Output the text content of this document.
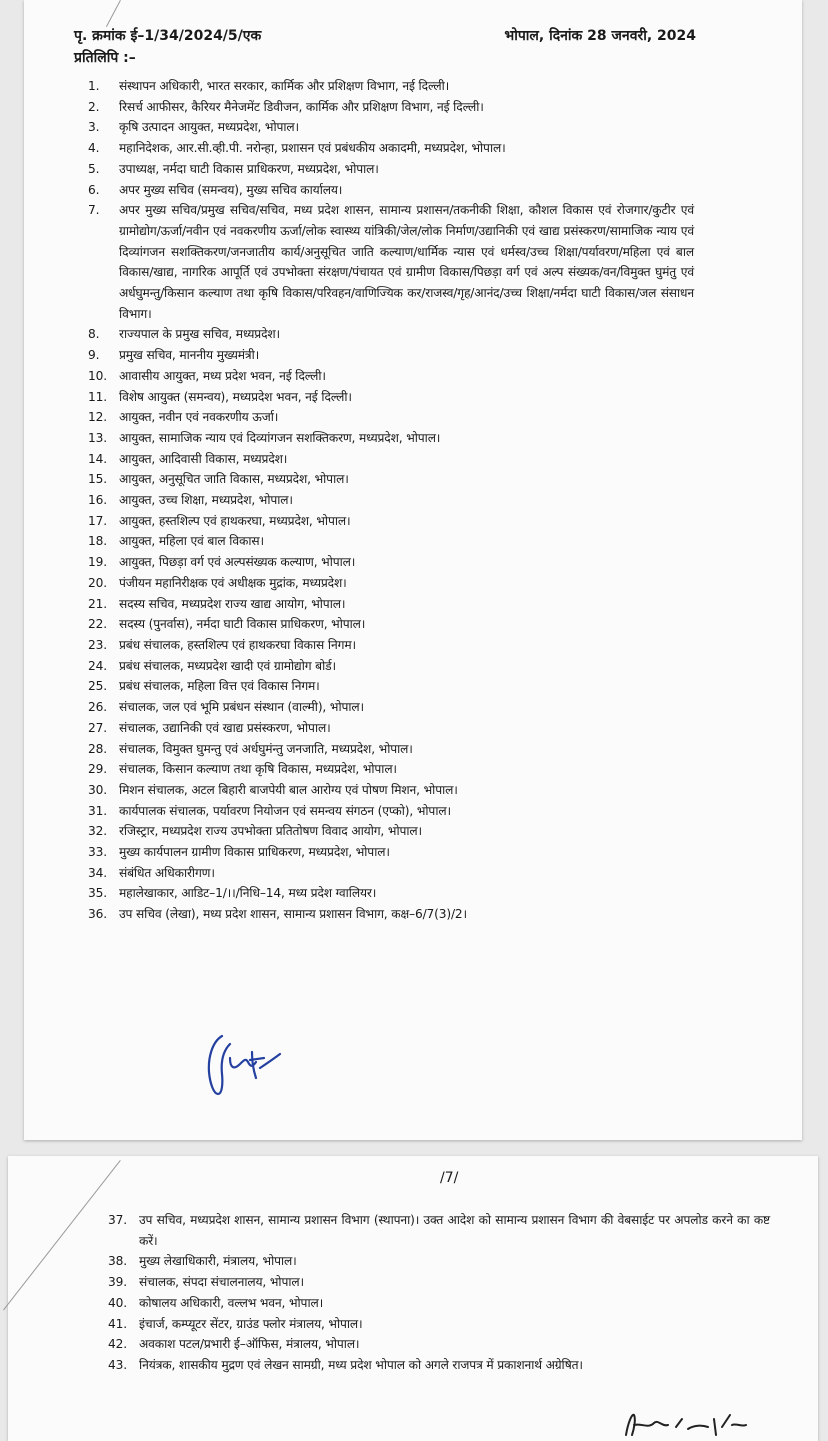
पृ. क्रमांक ई–1/34/2024/5/एक	भोपाल, दिनांक 28 जनवरी, 2024
प्रतिलिपि :–
1.	संस्थापन अधिकारी, भारत सरकार, कार्मिक और प्रशिक्षण विभाग, नई दिल्ली।
2.	रिसर्च आफीसर, कैरियर मैनेजमेंट डिवीजन, कार्मिक और प्रशिक्षण विभाग, नई दिल्ली।
3.	कृषि उत्पादन आयुक्त, मध्यप्रदेश, भोपाल।
4.	महानिदेशक, आर.सी.व्ही.पी. नरोन्हा, प्रशासन एवं प्रबंधकीय अकादमी, मध्यप्रदेश, भोपाल।
5.	उपाध्यक्ष, नर्मदा घाटी विकास प्राधिकरण, मध्यप्रदेश, भोपाल।
6.	अपर मुख्य सचिव (समन्वय), मुख्य सचिव कार्यालय।
7.	अपर मुख्य सचिव/प्रमुख सचिव/सचिव, मध्य प्रदेश शासन, सामान्य प्रशासन/तकनीकी शिक्षा, कौशल विकास एवं रोजगार/कुटीर एवं ग्रामोद्योग/ऊर्जा/नवीन एवं नवकरणीय ऊर्जा/लोक स्वास्थ्य यांत्रिकी/जेल/लोक निर्माण/उद्यानिकी एवं खाद्य प्रसंस्करण/सामाजिक न्याय एवं दिव्यांगजन सशक्तिकरण/जनजातीय कार्य/अनुसूचित जाति कल्याण/धार्मिक न्यास एवं धर्मस्व/उच्च शिक्षा/पर्यावरण/महिला एवं बाल विकास/खाद्य, नागरिक आपूर्ति एवं उपभोक्ता संरक्षण/पंचायत एवं ग्रामीण विकास/पिछड़ा वर्ग एवं अल्प संख्यक/वन/विमुक्त घुमंतु एवं अर्धघुमन्तु/किसान कल्याण तथा कृषि विकास/परिवहन/वाणिज्यिक कर/राजस्व/गृह/आनंद/उच्च शिक्षा/नर्मदा घाटी विकास/जल संसाधन विभाग।
8.	राज्यपाल के प्रमुख सचिव, मध्यप्रदेश।
9.	प्रमुख सचिव, माननीय मुख्यमंत्री।
10. आवासीय आयुक्त, मध्य प्रदेश भवन, नई दिल्ली।
11. विशेष आयुक्त (समन्वय), मध्यप्रदेश भवन, नई दिल्ली।
12. आयुक्त, नवीन एवं नवकरणीय ऊर्जा।
13. आयुक्त, सामाजिक न्याय एवं दिव्यांगजन सशक्तिकरण, मध्यप्रदेश, भोपाल।
14. आयुक्त, आदिवासी विकास, मध्यप्रदेश।
15. आयुक्त, अनुसूचित जाति विकास, मध्यप्रदेश, भोपाल।
16. आयुक्त, उच्च शिक्षा, मध्यप्रदेश, भोपाल।
17. आयुक्त, हस्तशिल्प एवं हाथकरघा, मध्यप्रदेश, भोपाल।
18. आयुक्त, महिला एवं बाल विकास।
19. आयुक्त, पिछड़ा वर्ग एवं अल्पसंख्यक कल्याण, भोपाल।
20. पंजीयन महानिरीक्षक एवं अधीक्षक मुद्रांक, मध्यप्रदेश।
21. सदस्य सचिव, मध्यप्रदेश राज्य खाद्य आयोग, भोपाल।
22. सदस्य (पुनर्वास), नर्मदा घाटी विकास प्राधिकरण, भोपाल।
23. प्रबंध संचालक, हस्तशिल्प एवं हाथकरघा विकास निगम।
24. प्रबंध संचालक, मध्यप्रदेश खादी एवं ग्रामोद्योग बोर्ड।
25. प्रबंध संचालक, महिला वित्त एवं विकास निगम।
26. संचालक, जल एवं भूमि प्रबंधन संस्थान (वाल्मी), भोपाल।
27. संचालक, उद्यानिकी एवं खाद्य प्रसंस्करण, भोपाल।
28. संचालक, विमुक्त घुमन्तु एवं अर्धघुमंन्तु जनजाति, मध्यप्रदेश, भोपाल।
29. संचालक, किसान कल्याण तथा कृषि विकास, मध्यप्रदेश, भोपाल।
30. मिशन संचालक, अटल बिहारी बाजपेयी बाल आरोग्य एवं पोषण मिशन, भोपाल।
31. कार्यपालक संचालक, पर्यावरण नियोजन एवं समन्वय संगठन (एप्को), भोपाल।
32. रजिस्ट्रार, मध्यप्रदेश राज्य उपभोक्ता प्रतितोषण विवाद आयोग, भोपाल।
33. मुख्य कार्यपालन ग्रामीण विकास प्राधिकरण, मध्यप्रदेश, भोपाल।
34. संबंधित अधिकारीगण।
35. महालेखाकार, आडिट–1/।।/निधि–14, मध्य प्रदेश ग्वालियर।
36. उप सचिव (लेखा), मध्य प्रदेश शासन, सामान्य प्रशासन विभाग, कक्ष–6/7(3)/2।
/7/
37. उप सचिव, मध्यप्रदेश शासन, सामान्य प्रशासन विभाग (स्थापना)। उक्त आदेश को सामान्य प्रशासन विभाग की वेबसाईट पर अपलोड करने का कष्ट करें।
38. मुख्य लेखाधिकारी, मंत्रालय, भोपाल।
39. संचालक, संपदा संचालनालय, भोपाल।
40. कोषालय अधिकारी, वल्लभ भवन, भोपाल।
41. इंचार्ज, कम्प्यूटर सेंटर, ग्राउंड फ्लोर मंत्रालय, भोपाल।
42. अवकाश पटल/प्रभारी ई–ऑफिस, मंत्रालय, भोपाल।
43. नियंत्रक, शासकीय मुद्रण एवं लेखन सामग्री, मध्य प्रदेश भोपाल को अगले राजपत्र में प्रकाशनार्थ अग्रेषित।
